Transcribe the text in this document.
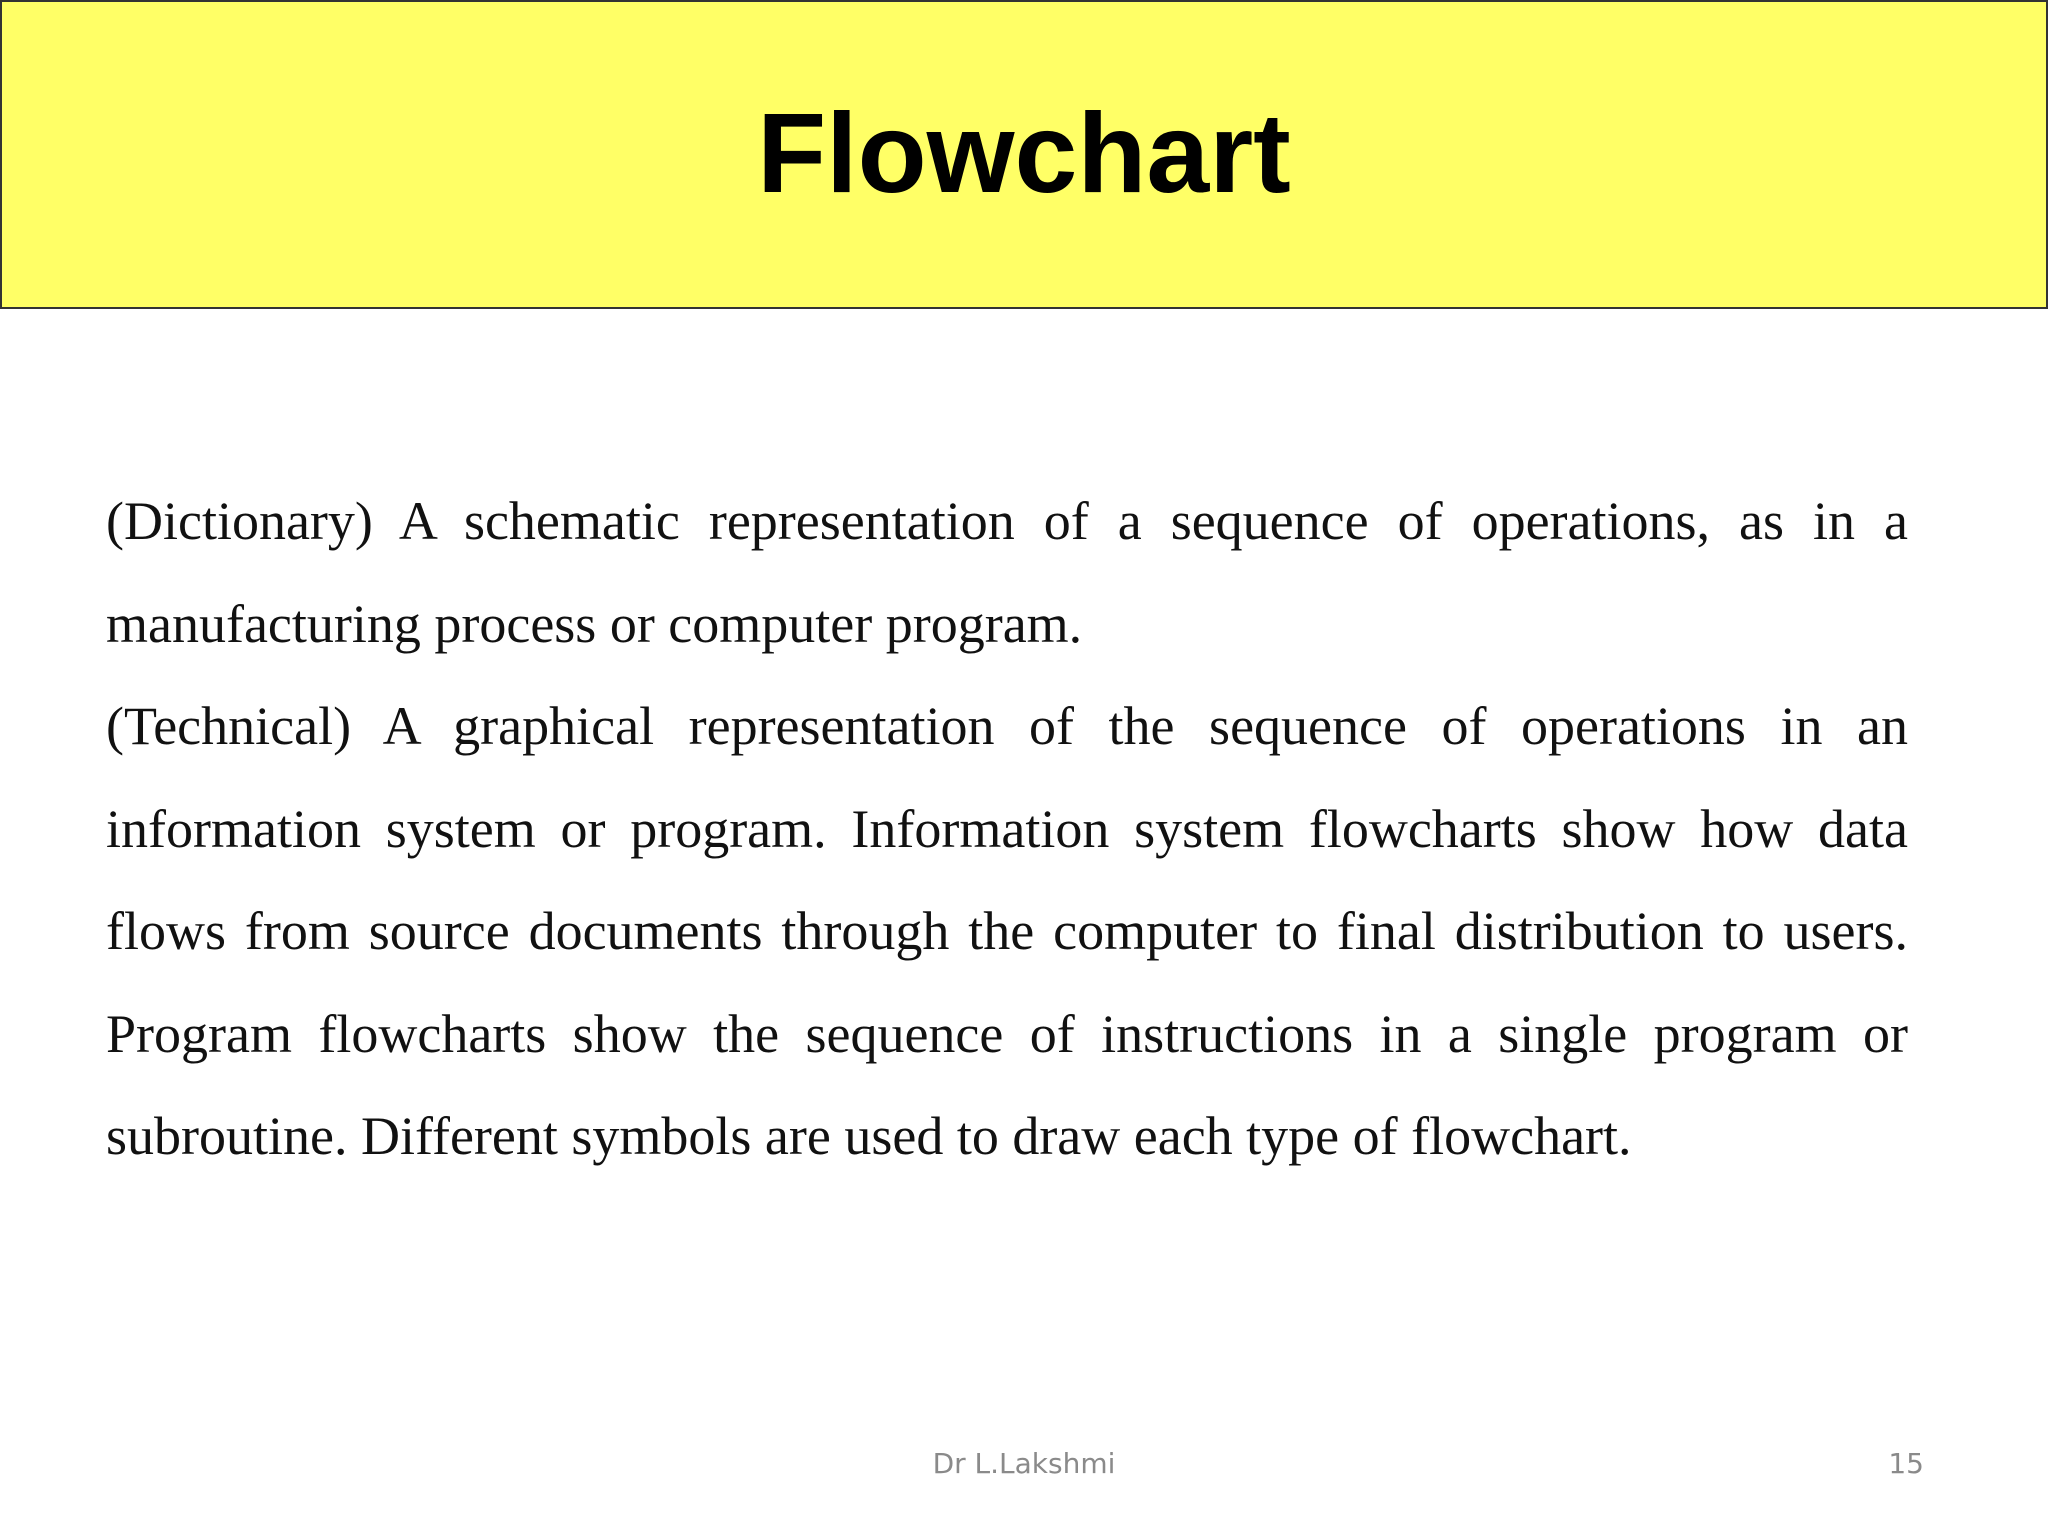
Flowchart

(Dictionary) A schematic representation of a sequence of operations, as in a manufacturing process or computer program.

(Technical) A graphical representation of the sequence of operations in an information system or program. Information system flowcharts show how data flows from source documents through the computer to final distribution to users. Program flowcharts show the sequence of instructions in a single program or subroutine. Different symbols are used to draw each type of flowchart.

Dr L.Lakshmi	15
